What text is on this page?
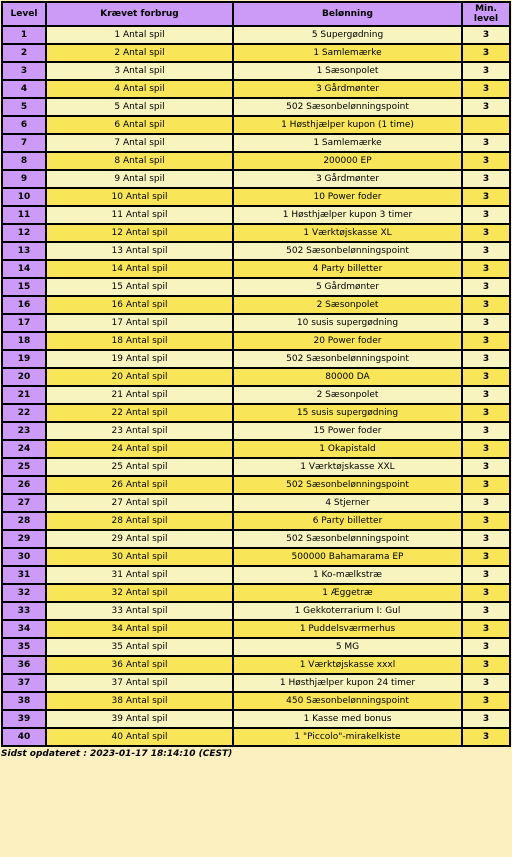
Level	Krævet forbrug	Belønning	Min.
level
1	1 Antal spil	5 Supergødning	3
2	2 Antal spil	1 Samlemærke	3
3	3 Antal spil	1 Sæsonpolet	3
4	4 Antal spil	3 Gårdmønter	3
5	5 Antal spil	502 Sæsonbelønningspoint	3
6	6 Antal spil	1 Høsthjælper kupon (1 time)	
7	7 Antal spil	1 Samlemærke	3
8	8 Antal spil	200000 EP	3
9	9 Antal spil	3 Gårdmønter	3
10	10 Antal spil	10 Power foder	3
11	11 Antal spil	1 Høsthjælper kupon 3 timer	3
12	12 Antal spil	1 Værktøjskasse XL	3
13	13 Antal spil	502 Sæsonbelønningspoint	3
14	14 Antal spil	4 Party billetter	3
15	15 Antal spil	5 Gårdmønter	3
16	16 Antal spil	2 Sæsonpolet	3
17	17 Antal spil	10 susis supergødning	3
18	18 Antal spil	20 Power foder	3
19	19 Antal spil	502 Sæsonbelønningspoint	3
20	20 Antal spil	80000 DA	3
21	21 Antal spil	2 Sæsonpolet	3
22	22 Antal spil	15 susis supergødning	3
23	23 Antal spil	15 Power foder	3
24	24 Antal spil	1 Okapistald	3
25	25 Antal spil	1 Værktøjskasse XXL	3
26	26 Antal spil	502 Sæsonbelønningspoint	3
27	27 Antal spil	4 Stjerner	3
28	28 Antal spil	6 Party billetter	3
29	29 Antal spil	502 Sæsonbelønningspoint	3
30	30 Antal spil	500000 Bahamarama EP	3
31	31 Antal spil	1 Ko-mælkstræ	3
32	32 Antal spil	1 Æggetræ	3
33	33 Antal spil	1 Gekkoterrarium I: Gul	3
34	34 Antal spil	1 Puddelsværmerhus	3
35	35 Antal spil	5 MG	3
36	36 Antal spil	1 Værktøjskasse xxxl	3
37	37 Antal spil	1 Høsthjælper kupon 24 timer	3
38	38 Antal spil	450 Sæsonbelønningspoint	3
39	39 Antal spil	1 Kasse med bonus	3
40	40 Antal spil	1 "Piccolo"-mirakelkiste	3
Sidst opdateret : 2023-01-17 18:14:10 (CEST)
